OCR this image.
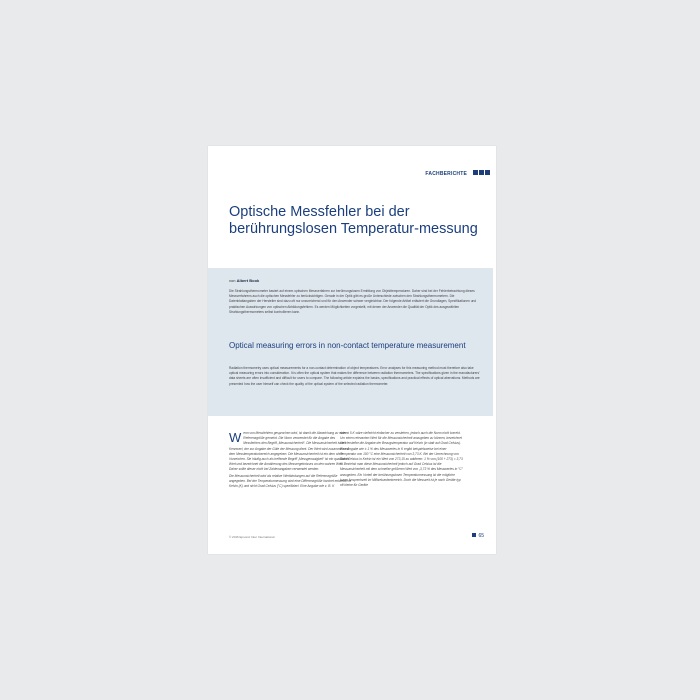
FACHBERICHTE
Optische Messfehler bei der berührungslosen Temperatur-messung
von Albert Book

Die Strahlungsthermometer basiert auf einem optischen Messverfahren zur berührungslosen Ermittlung von Objekttemperaturen. Daher sind bei der Fehlerbetrachtung dieses Messverfahrens auch die optischen Messfehler zu berücksichtigen. Gerade in der Optik gibt es große Unterschiede zwischen den Strahlungsthermometern. Die Datenblattangaben der Hersteller sind dazu oft nur unzureichend und für den Anwender schwer vergleichbar. Der folgende Artikel erläutert die Grundlagen, Spezifikationen und praktischen Auswirkungen von optischen Abbildungsfehlern. Es werden Möglichkeiten vorgestellt, mit denen der Anwender die Qualität der Optik des ausgewählten Strahlungsthermometers selbst kontrollieren kann.

Optical measuring errors in non-contact temperature measurement

Radiation thermometry uses optical measurements for a non-contact determination of object temperatures. Error analyses for this measuring method must therefore also take optical measuring errors into consideration. It is often the optical system that makes the difference between radiation thermometers. The specifications given in the manufacturers' data sheets are often insufficient and difficult for users to compare. The following article explains the basics, specifications and practical effects of optical aberrations. Methods are presented how the user himself can check the quality of the optical system of the selected radiation thermometer.

W enn von Messfehlern gesprochen wird, ist damit die Abweichung zu einem Referenzgröße gemeint. Die Norm verwendet für die Angabe des Messfehlers den Begriff „Messunsicherheit“. Die Messunsicherheit ist ein Kennwert, der zur Angabe der Güte der Messung dient. Der Wert wird zusammen mit dem Messtemperaturbereich angegeben. Die Messunsicherheit ist ein dem ohne Vorzeichen. Sie häufig auch als treffende Begriff „Messgenauigkeit“ ist ein qualitativer Wert und bezeichnet die Annäherung des Messergebnisses an den wahren Wert. Daher sollte dieser nicht bei Zahlenangaben verwendet werden.
Die Messunsicherheit wird als relative Wertbindungen auf die Referenzgröße angegeben. Bei der Temperaturmessung wird eine Differenzgröße konkret entweder in Kelvin (K) und nicht Grad Celsius (°C) spezifiziert. Eine Angabe wie z. B. K
oder ± 5 K wäre vielleicht einfacher zu verstehen, jedoch auch die Norm nicht korrekt. Um einen relevanten Wert für die Messunsicherheit anzugeben zu können, bezeichnet die Hersteller die Angabe der Bezugstemperatur auf Kelvin (in statt auf Grad Celsius). Eine Angabe wie ± 1 % des Messwertes in K ergibt beispielsweise bei einer Temperatur von 100 °C eine Messunsicherheit von 3,73 K. Bei der Umrechnung von Grad Celsius in Kelvin ist ein Wert von 273,15 zu addieren: 1 % von (100 + 273) = 3,73 K. Beziehst man diese Messunsicherheit jedoch auf Grad Celsius ist die Messunsicherheit mit dem schneller größeren Wert von „3,73 % des Messwertes in °C“ anzugeben. Ein Vorteil der berührungslosen Temperaturmessung ist die mögliche kurze Ansprechzeit im Millisekundenbereich. Doch die Messzeit ist je nach Geräte typ oft kleine für Geräte
© 2016 Epsonic Inter International	65
